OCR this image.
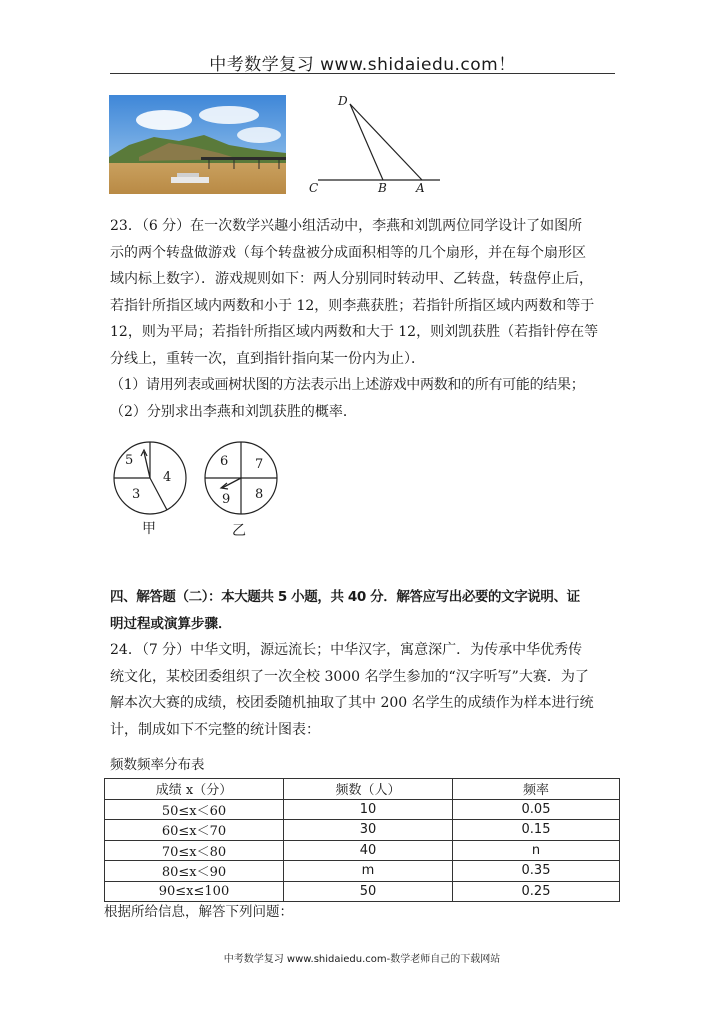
中考数学复习 www.shidaiedu.com！
D
C	B A
23．（6 分）在一次数学兴趣小组活动中，李燕和刘凯两位同学设计了如图所
示的两个转盘做游戏（每个转盘被分成面积相等的几个扇形，并在每个扇形区
域内标上数字）．游戏规则如下：两人分别同时转动甲、乙转盘，转盘停止后，
若指针所指区域内两数和小于 12，则李燕获胜；若指针所指区域内两数和等于
12，则为平局；若指针所指区域内两数和大于 12，则刘凯获胜（若指针停在等
分线上，重转一次，直到指针指向某一份内为止）．
（1）请用列表或画树状图的方法表示出上述游戏中两数和的所有可能的结果；
（2）分别求出李燕和刘凯获胜的概率．
5
4
3
甲
6 7
9 8
乙
四、解答题（二）：本大题共 5 小题，共 40 分．解答应写出必要的文字说明、证
明过程或演算步骤．
24．（7 分）中华文明，源远流长；中华汉字，寓意深广．为传承中华优秀传
统文化，某校团委组织了一次全校 3000 名学生参加的“汉字听写”大赛．为了
解本次大赛的成绩，校团委随机抽取了其中 200 名学生的成绩作为样本进行统
计，制成如下不完整的统计图表：
频数频率分布表
成绩 x（分）	频数（人）	频率
50≤x＜60	10	0.05
60≤x＜70	30	0.15
70≤x＜80	40	n
80≤x＜90	m	0.35
90≤x≤100	50	0.25
根据所给信息，解答下列问题：
中考数学复习 www.shidaiedu.com-数学老师自己的下载网站
